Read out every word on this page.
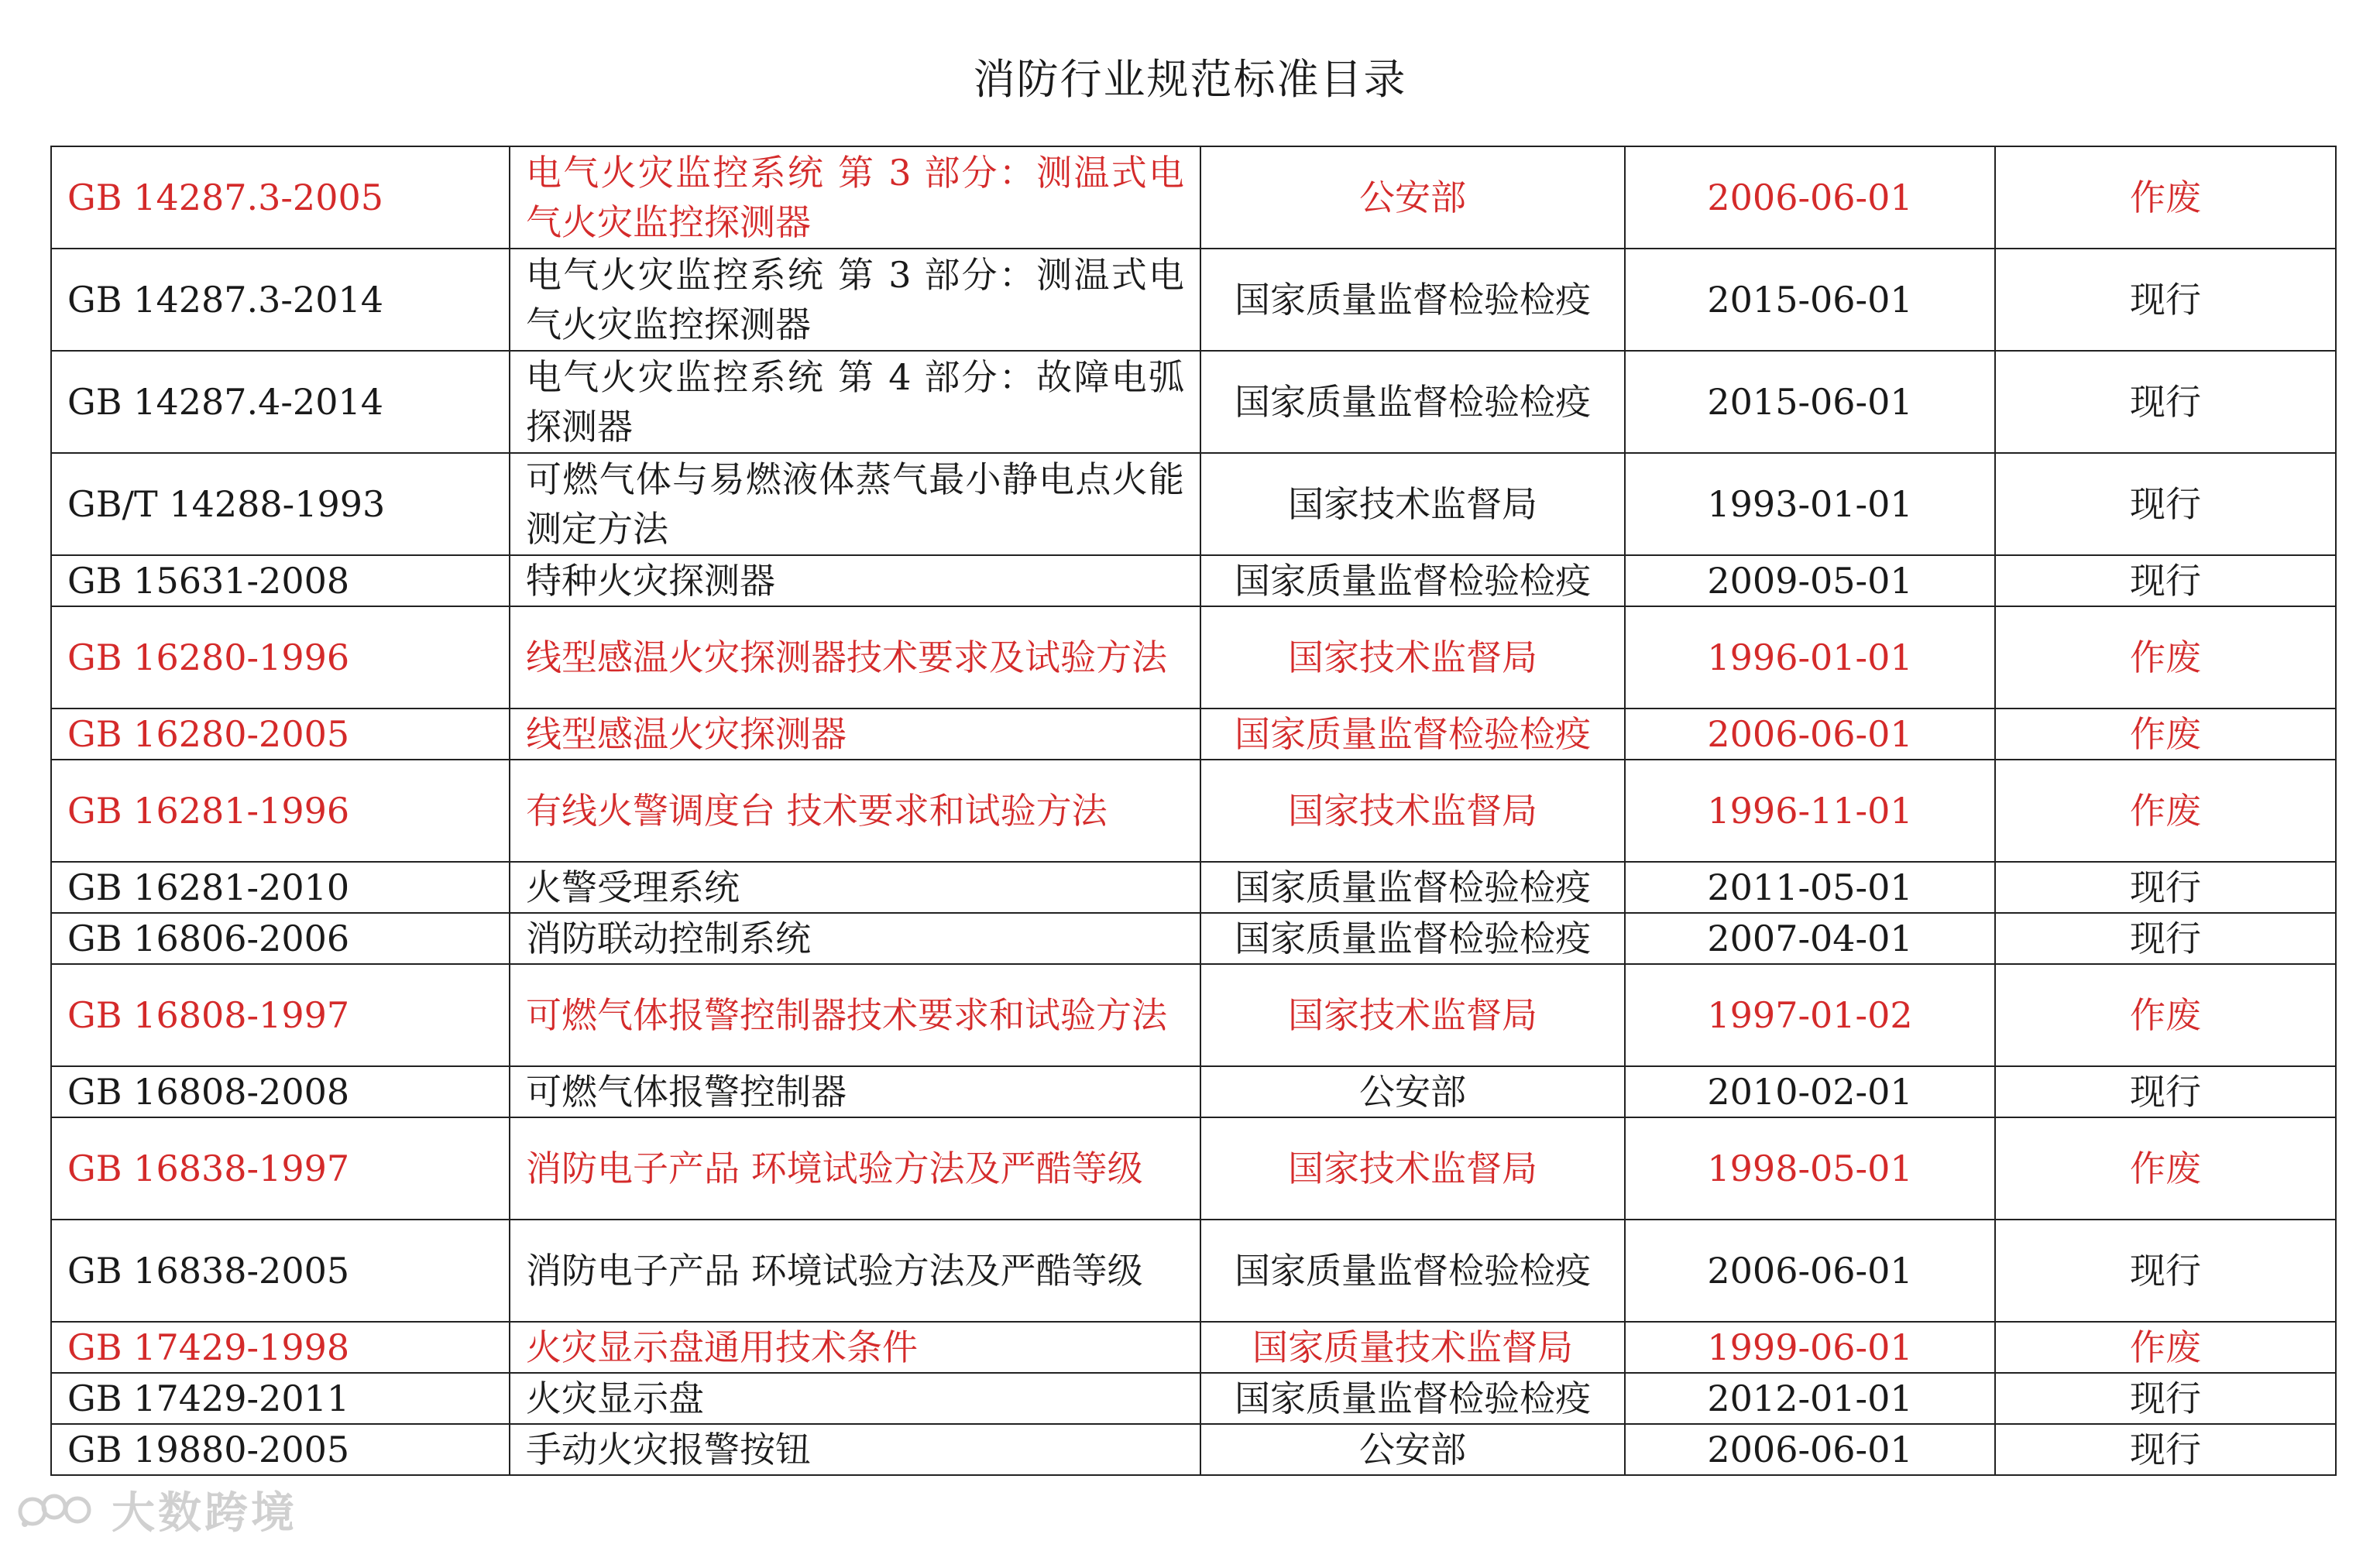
消防行业规范标准目录
GB 14287.3-2005	电气火灾监控系统 第 3 部分：测温式电气火灾监控探测器	公安部	2006-06-01	作废
GB 14287.3-2014	电气火灾监控系统 第 3 部分：测温式电气火灾监控探测器	国家质量监督检验检疫	2015-06-01	现行
GB 14287.4-2014	电气火灾监控系统 第 4 部分：故障电弧探测器	国家质量监督检验检疫	2015-06-01	现行
GB/T 14288-1993	可燃气体与易燃液体蒸气最小静电点火能测定方法	国家技术监督局	1993-01-01	现行
GB 15631-2008	特种火灾探测器	国家质量监督检验检疫	2009-05-01	现行
GB 16280-1996	线型感温火灾探测器技术要求及试验方法	国家技术监督局	1996-01-01	作废
GB 16280-2005	线型感温火灾探测器	国家质量监督检验检疫	2006-06-01	作废
GB 16281-1996	有线火警调度台 技术要求和试验方法	国家技术监督局	1996-11-01	作废
GB 16281-2010	火警受理系统	国家质量监督检验检疫	2011-05-01	现行
GB 16806-2006	消防联动控制系统	国家质量监督检验检疫	2007-04-01	现行
GB 16808-1997	可燃气体报警控制器技术要求和试验方法	国家技术监督局	1997-01-02	作废
GB 16808-2008	可燃气体报警控制器	公安部	2010-02-01	现行
GB 16838-1997	消防电子产品 环境试验方法及严酷等级	国家技术监督局	1998-05-01	作废
GB 16838-2005	消防电子产品 环境试验方法及严酷等级	国家质量监督检验检疫	2006-06-01	现行
GB 17429-1998	火灾显示盘通用技术条件	国家质量技术监督局	1999-06-01	作废
GB 17429-2011	火灾显示盘	国家质量监督检验检疫	2012-01-01	现行
GB 19880-2005	手动火灾报警按钮	公安部	2006-06-01	现行
大数跨境
